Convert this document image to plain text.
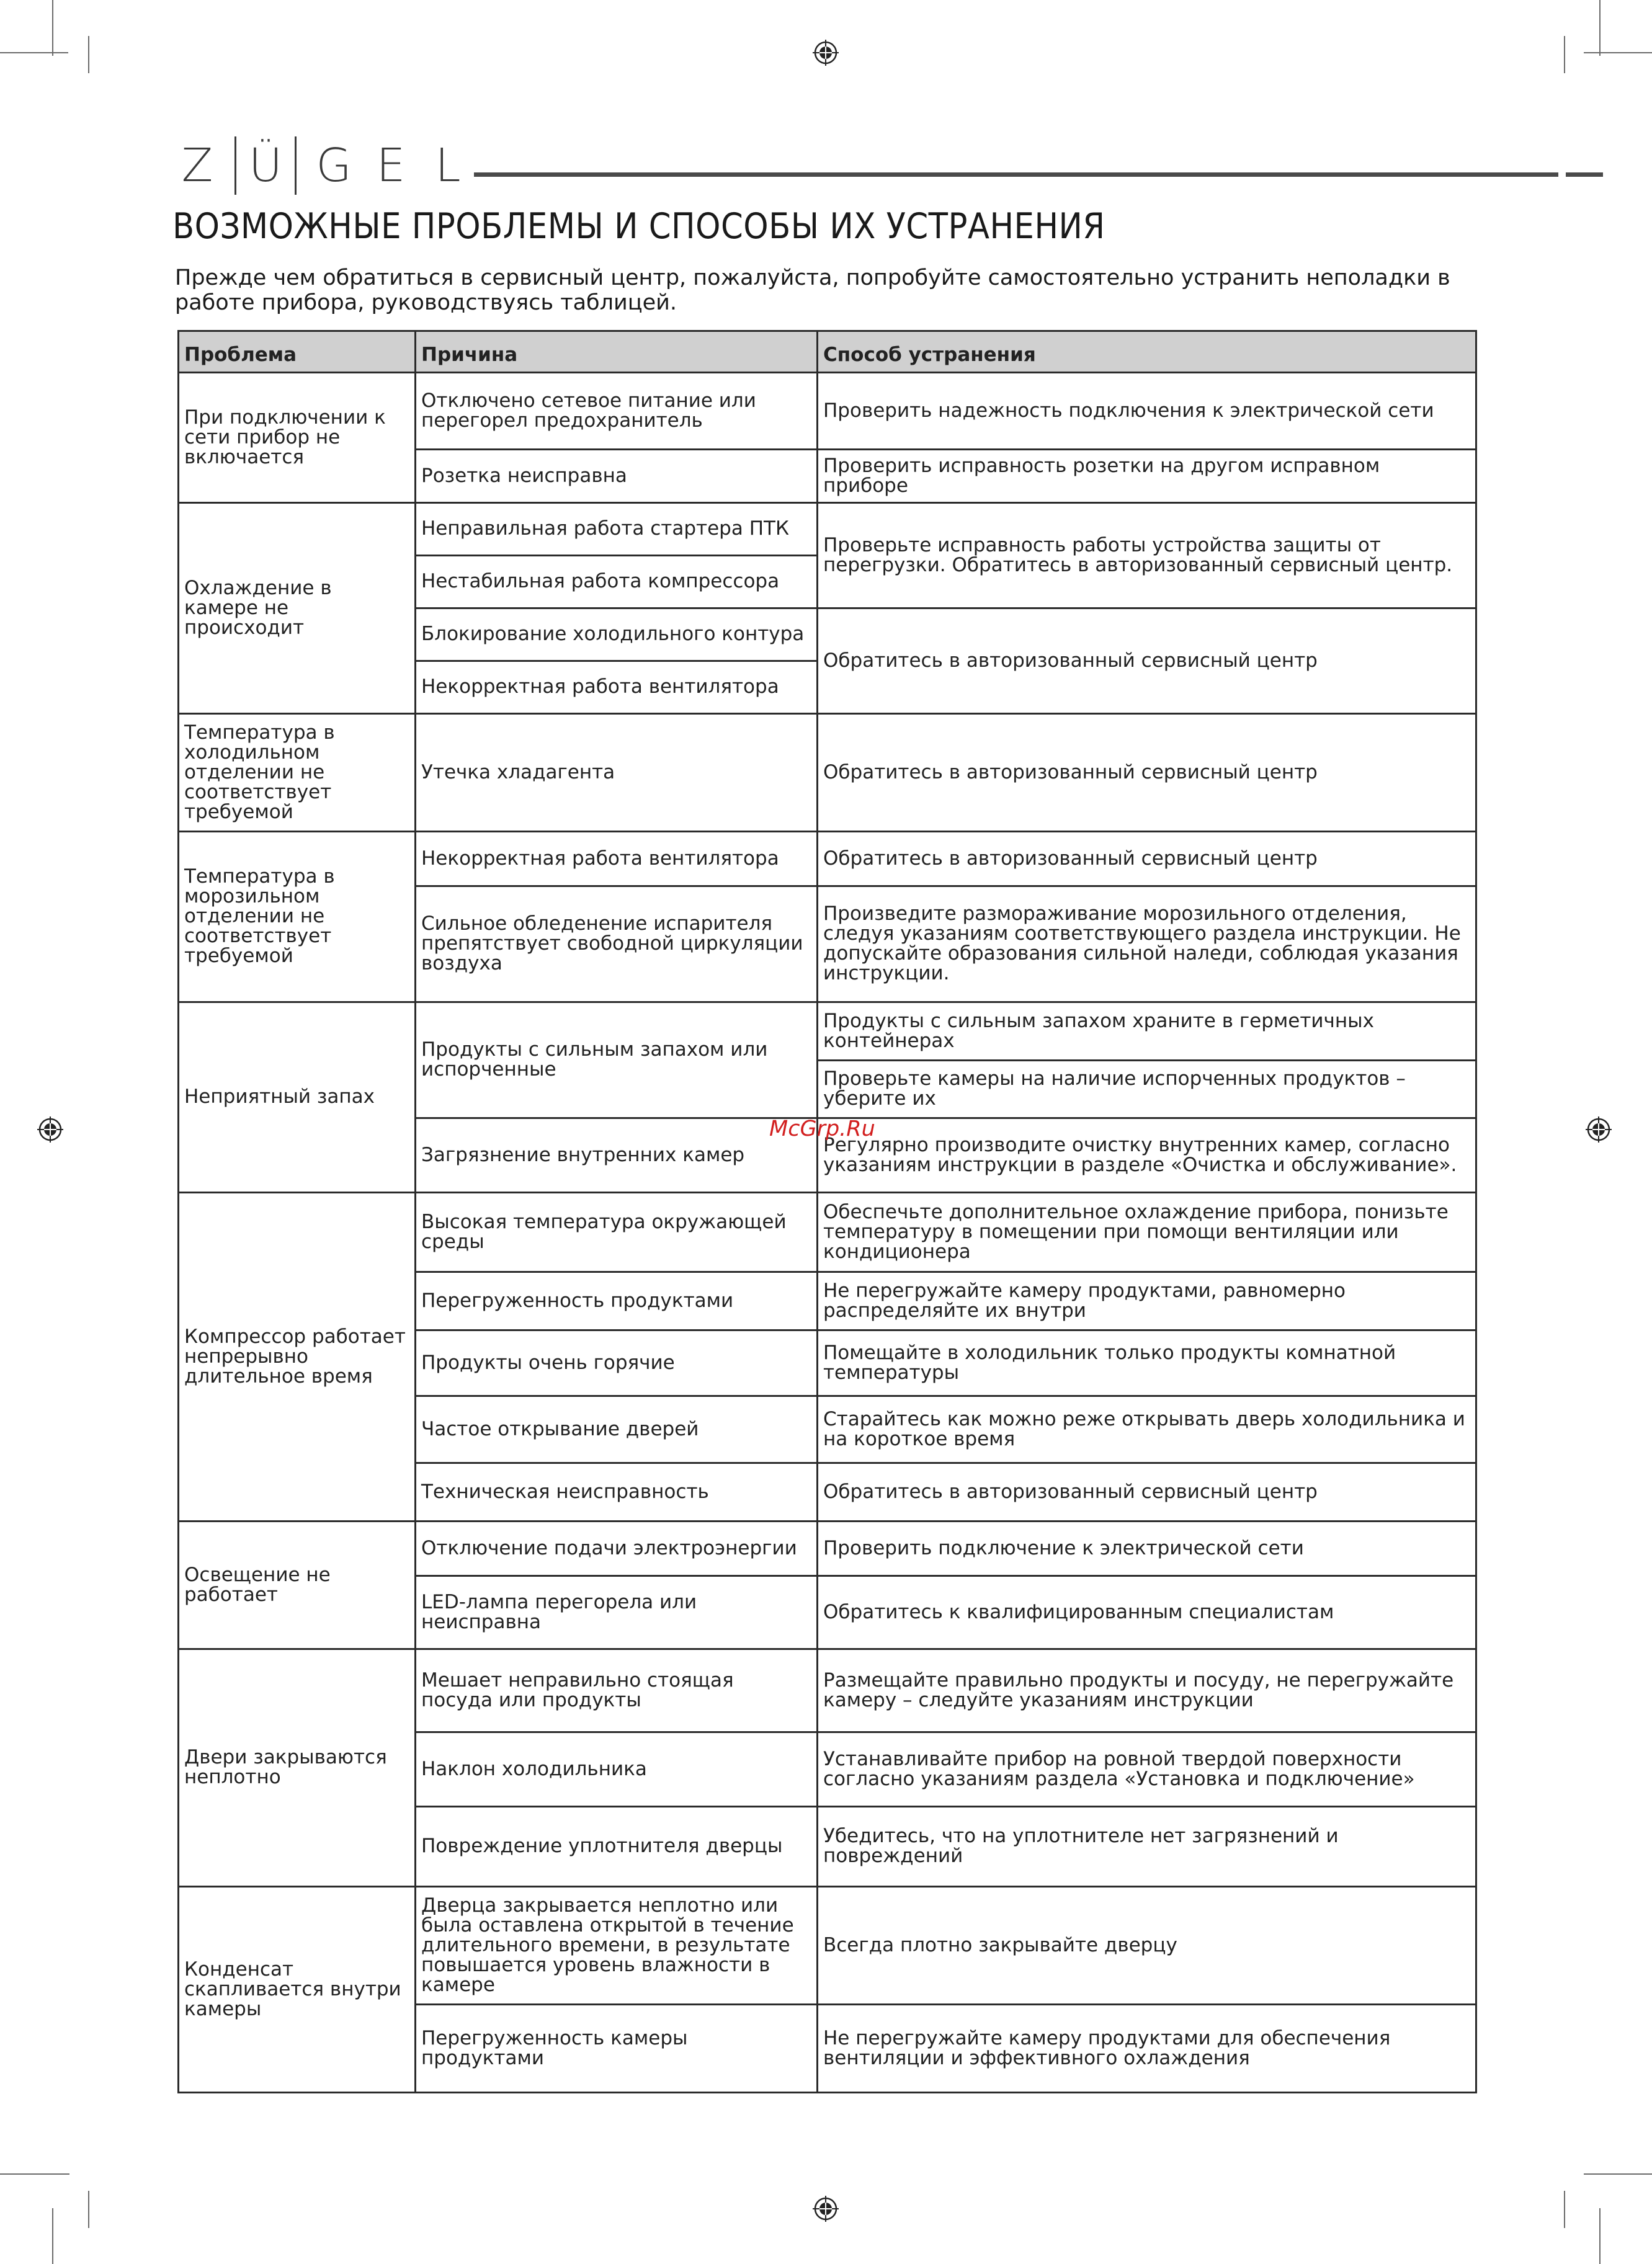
Z Ü G E L
ВОЗМОЖНЫЕ ПРОБЛЕМЫ И СПОСОБЫ ИХ УСТРАНЕНИЯ
Прежде чем обратиться в сервисный центр, пожалуйста, попробуйте самостоятельно устранить неполадки в работе прибора, руководствуясь таблицей.
Проблема	Причина	Способ устранения
При подключении к сети прибор не включается	Отключено сетевое питание или перегорел предохранитель	Проверить надежность подключения к электрической сети
	Розетка неисправна	Проверить исправность розетки на другом исправном приборе
Охлаждение в камере не происходит	Неправильная работа стартера ПТК	Проверьте исправность работы устройства защиты от перегрузки. Обратитесь в авторизованный сервисный центр.
	Нестабильная работа компрессора	
	Блокирование холодильного контура	Обратитесь в авторизованный сервисный центр
	Некорректная работа вентилятора	
Температура в холодильном отделении не соответствует требуемой	Утечка хладагента	Обратитесь в авторизованный сервисный центр
Температура в морозильном отделении не соответствует требуемой	Некорректная работа вентилятора	Обратитесь в авторизованный сервисный центр
	Сильное обледенение испарителя препятствует свободной циркуляции воздуха	Произведите размораживание морозильного отделения, следуя указаниям соответствующего раздела инструкции. Не допускайте образования сильной наледи, соблюдая указания инструкции.
Неприятный запах	Продукты с сильным запахом или испорченные	Продукты с сильным запахом храните в герметичных контейнерах
		Проверьте камеры на наличие испорченных продуктов – уберите их
	Загрязнение внутренних камер	Регулярно производите очистку внутренних камер, согласно указаниям инструкции в разделе «Очистка и обслуживание».
Компрессор работает непрерывно длительное время	Высокая температура окружающей среды	Обеспечьте дополнительное охлаждение прибора, понизьте температуру в помещении при помощи вентиляции или кондиционера
	Перегруженность продуктами	Не перегружайте камеру продуктами, равномерно распределяйте их внутри
	Продукты очень горячие	Помещайте в холодильник только продукты комнатной температуры
	Частое открывание дверей	Старайтесь как можно реже открывать дверь холодильника и на короткое время
	Техническая неисправность	Обратитесь в авторизованный сервисный центр
Освещение не работает	Отключение подачи электроэнергии	Проверить подключение к электрической сети
	LED-лампа перегорела или неисправна	Обратитесь к квалифицированным специалистам
Двери закрываются неплотно	Мешает неправильно стоящая посуда или продукты	Размещайте правильно продукты и посуду, не перегружайте камеру – следуйте указаниям инструкции
	Наклон холодильника	Устанавливайте прибор на ровной твердой поверхности согласно указаниям раздела «Установка и подключение»
	Повреждение уплотнителя дверцы	Убедитесь, что на уплотнителе нет загрязнений и повреждений
Конденсат скапливается внутри камеры	Дверца закрывается неплотно или была оставлена открытой в течение длительного времени, в результате повышается уровень влажности в камере	Всегда плотно закрывайте дверцу
	Перегруженность камеры продуктами	Не перегружайте камеру продуктами для обеспечения вентиляции и эффективного охлаждения
McGrp.Ru
